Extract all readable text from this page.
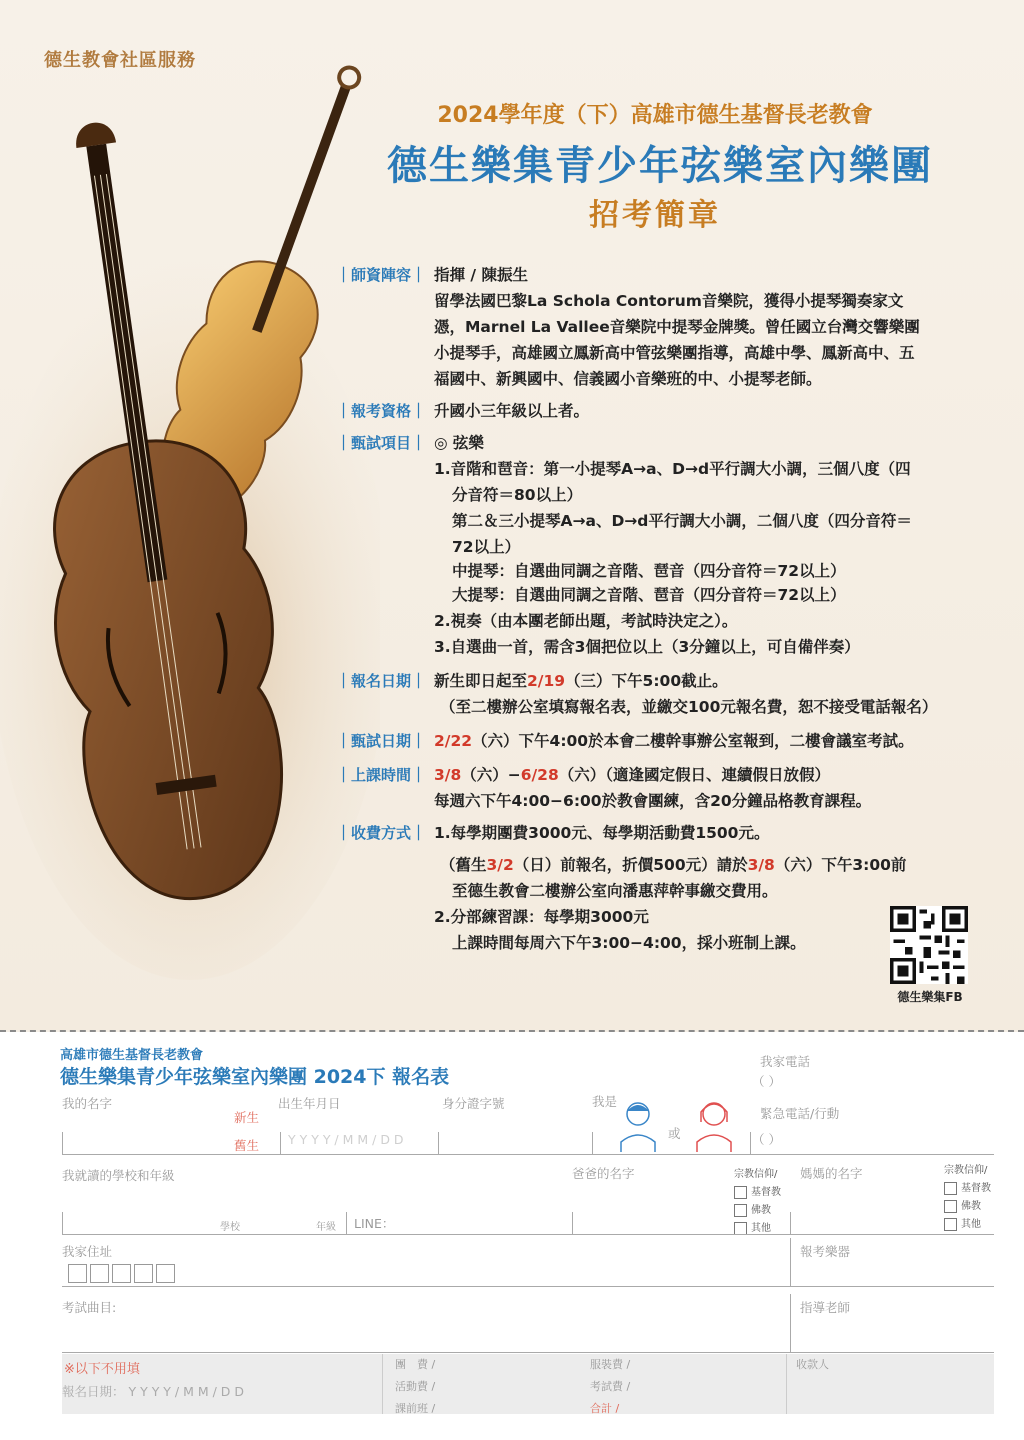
德生教會社區服務
2024學年度（下）高雄市德生基督長老教會
德生樂集青少年弦樂室內樂團
招考簡章
｜師資陣容｜ 指揮 / 陳振生
留學法國巴黎La Schola Contorum音樂院，獲得小提琴獨奏家文
憑，Marnel La Vallee音樂院中提琴金牌獎。曾任國立台灣交響樂團
小提琴手，高雄國立鳳新高中管弦樂團指導，高雄中學、鳳新高中、五
福國中、新興國中、信義國小音樂班的中、小提琴老師。
｜報考資格｜ 升國小三年級以上者。
｜甄試項目｜ ◎ 弦樂
1.音階和琶音：第一小提琴A→a、D→d平行調大小調，三個八度（四
分音符＝80以上）
第二＆三小提琴A→a、D→d平行調大小調，二個八度（四分音符＝
72以上）
中提琴：自選曲同調之音階、琶音（四分音符＝72以上）
大提琴：自選曲同調之音階、琶音（四分音符＝72以上）
2.視奏（由本團老師出題，考試時決定之）。
3.自選曲一首，需含3個把位以上（3分鐘以上，可自備伴奏）
｜報名日期｜ 新生即日起至2/19（三）下午5:00截止。
（至二樓辦公室填寫報名表，並繳交100元報名費，恕不接受電話報名）
｜甄試日期｜ 2/22（六）下午4:00於本會二樓幹事辦公室報到，二樓會議室考試。
｜上課時間｜ 3/8（六）−6/28（六）（適逢國定假日、連續假日放假）
每週六下午4:00−6:00於教會團練，含20分鐘品格教育課程。
｜收費方式｜ 1.每學期團費3000元、每學期活動費1500元。
（舊生3/2（日）前報名，折價500元）請於3/8（六）下午3:00前
至德生教會二樓辦公室向潘惠萍幹事繳交費用。
2.分部練習課：每學期3000元
上課時間每周六下午3:00−4:00，採小班制上課。
德生樂集FB
高雄市德生基督長老教會
德生樂集青少年弦樂室內樂團 2024下 報名表
我家電話
（ ）
我的名字
新生
舊生
出生年月日
Y Y Y Y / M M / D D
身分證字號	我是
或
緊急電話/行動
（ ）
我就讀的學校和年級	爸爸的名字	宗教信仰/
基督教
佛教
其他
媽媽的名字	宗教信仰/
基督教
佛教
其他
學校	年級 LINE：
我家住址	報考樂器
考試曲目:	指導老師
※以下不用填
報名日期： Y Y Y Y / M M / D D
團　費 /
活動費 /
課前班 /
服裝費 /
考試費 /
合計 /
收款人
